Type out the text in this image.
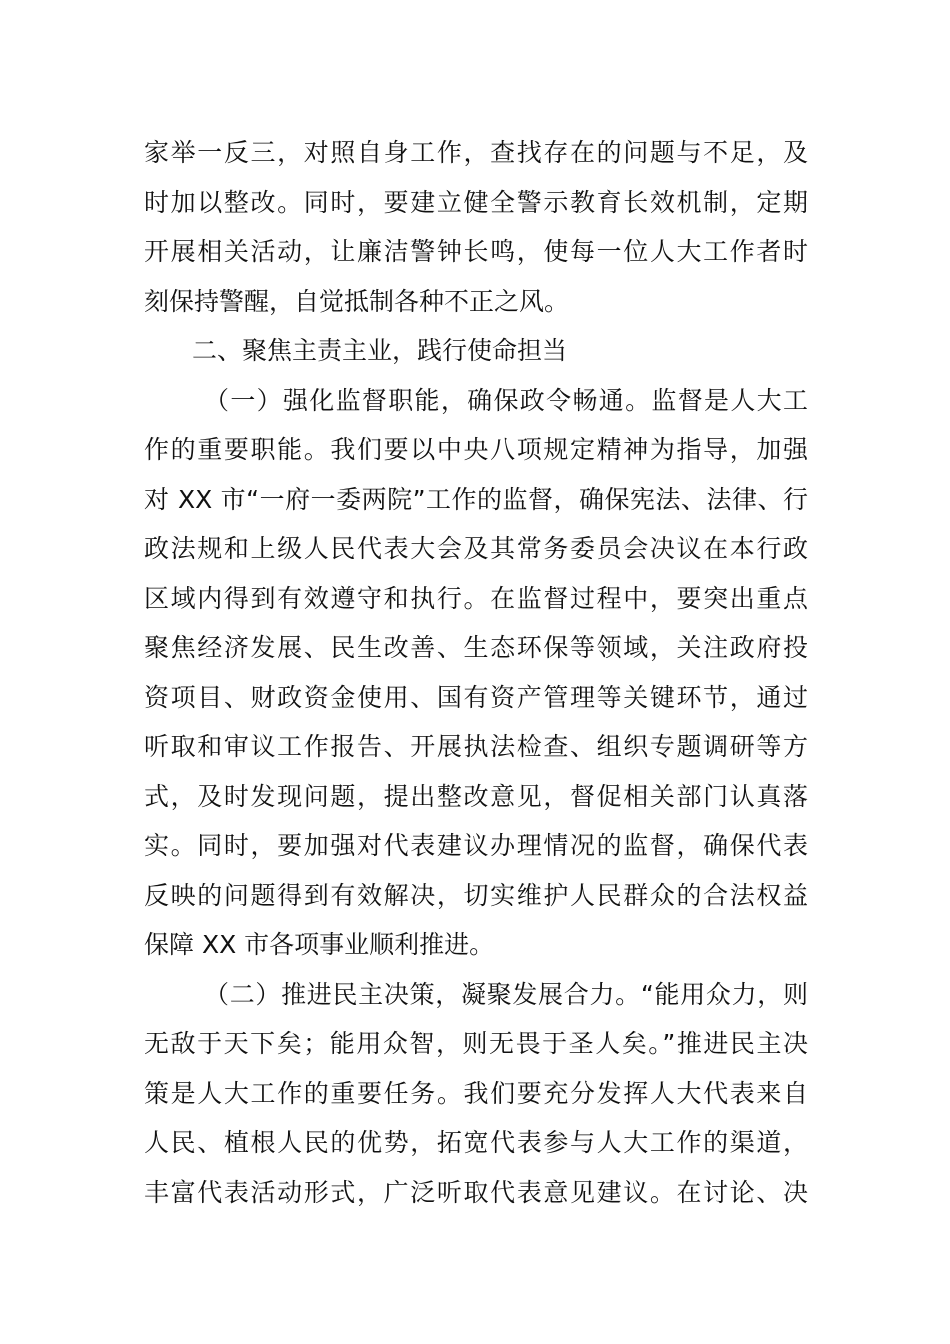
家举一反三，对照自身工作，查找存在的问题与不足，及
时加以整改。同时，要建立健全警示教育长效机制，定期
开展相关活动，让廉洁警钟长鸣，使每一位人大工作者时
刻保持警醒，自觉抵制各种不正之风。
二、聚焦主责主业，践行使命担当
（一）强化监督职能，确保政令畅通。监督是人大工
作的重要职能。我们要以中央八项规定精神为指导，加强
对 XX 市“一府一委两院”工作的监督，确保宪法、法律、行
政法规和上级人民代表大会及其常务委员会决议在本行政
区域内得到有效遵守和执行。在监督过程中，要突出重点
聚焦经济发展、民生改善、生态环保等领域，关注政府投
资项目、财政资金使用、国有资产管理等关键环节，通过
听取和审议工作报告、开展执法检查、组织专题调研等方
式，及时发现问题，提出整改意见，督促相关部门认真落
实。同时，要加强对代表建议办理情况的监督，确保代表
反映的问题得到有效解决，切实维护人民群众的合法权益
保障 XX 市各项事业顺利推进。
（二）推进民主决策，凝聚发展合力。“能用众力，则
无敌于天下矣；能用众智，则无畏于圣人矣。”推进民主决
策是人大工作的重要任务。我们要充分发挥人大代表来自
人民、植根人民的优势，拓宽代表参与人大工作的渠道，
丰富代表活动形式，广泛听取代表意见建议。在讨论、决
